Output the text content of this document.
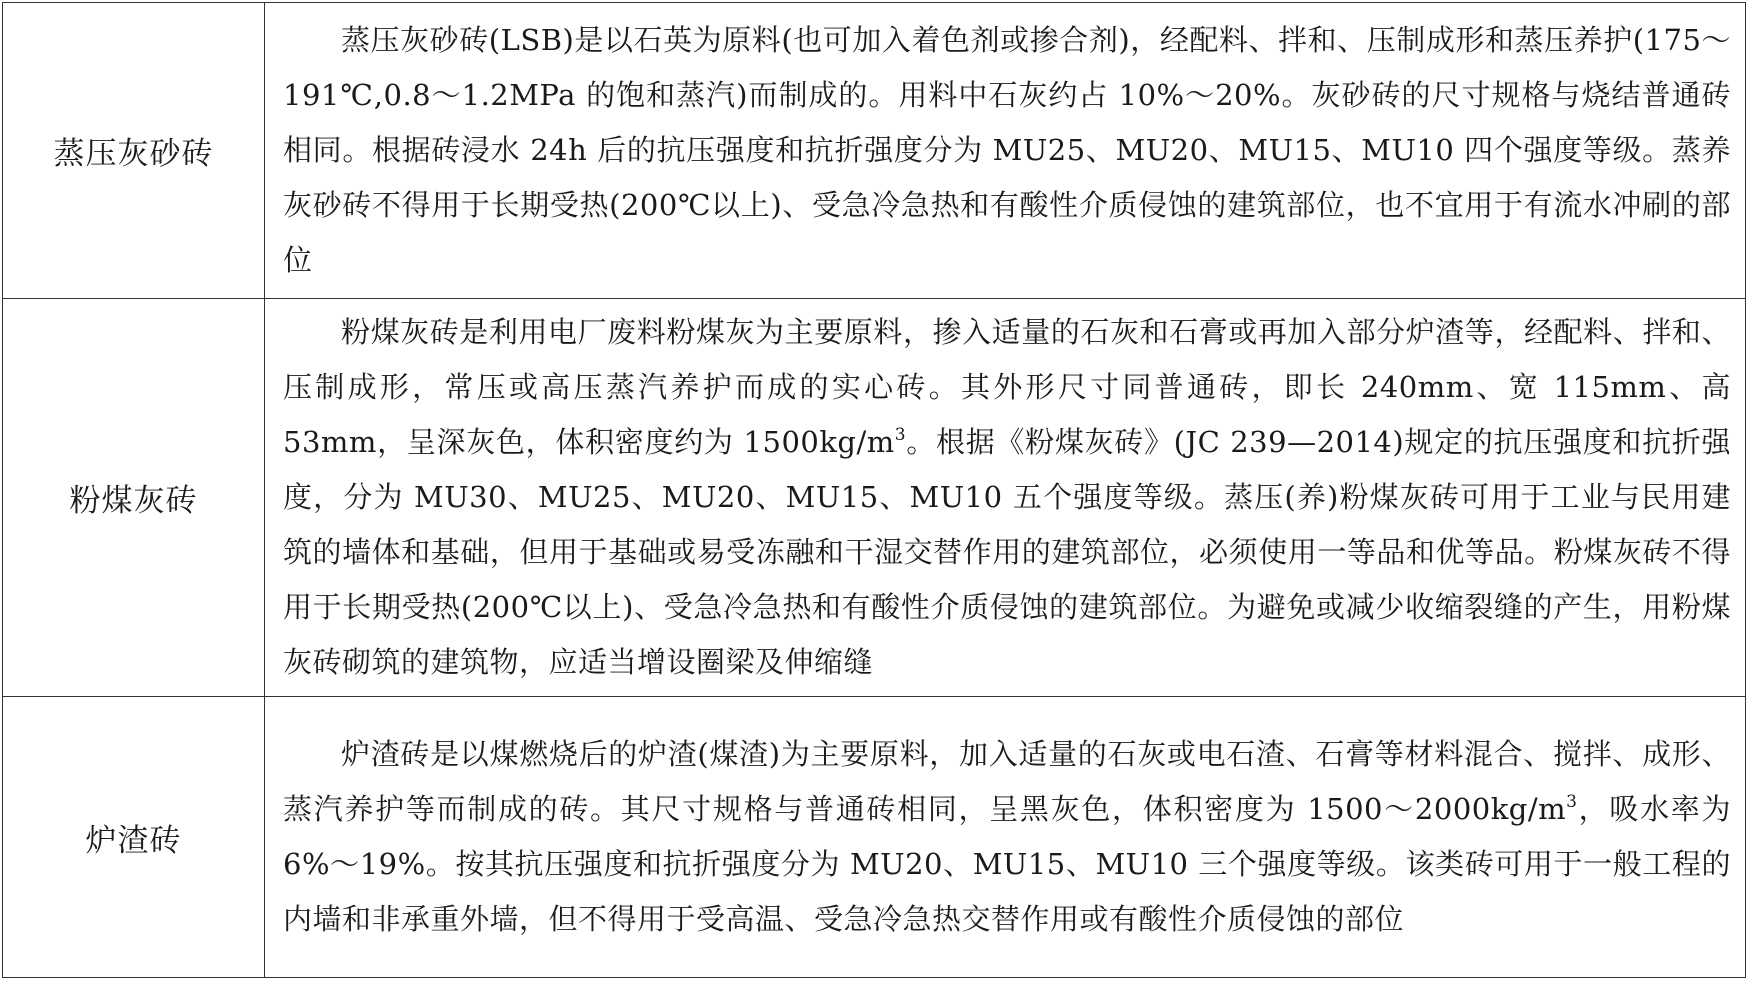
蒸压灰砂砖	蒸压灰砂砖(LSB)是以石英为原料(也可加入着色剂或掺合剂)，经配料、拌和、压制成形和蒸压养护(175～191℃,0.8～1.2MPa 的饱和蒸汽)而制成的。用料中石灰约占 10%～20%。灰砂砖的尺寸规格与烧结普通砖相同。根据砖浸水 24h 后的抗压强度和抗折强度分为 MU25、MU20、MU15、MU10 四个强度等级。蒸养灰砂砖不得用于长期受热(200℃以上)、受急冷急热和有酸性介质侵蚀的建筑部位，也不宜用于有流水冲刷的部位
粉煤灰砖	粉煤灰砖是利用电厂废料粉煤灰为主要原料，掺入适量的石灰和石膏或再加入部分炉渣等，经配料、拌和、压制成形，常压或高压蒸汽养护而成的实心砖。其外形尺寸同普通砖，即长 240mm、宽 115mm、高 53mm，呈深灰色，体积密度约为 $1500kg/m^3$。根据《粉煤灰砖》(JC 239—2014)规定的抗压强度和抗折强度，分为 MU30、MU25、MU20、MU15、MU10 五个强度等级。蒸压(养)粉煤灰砖可用于工业与民用建筑的墙体和基础，但用于基础或易受冻融和干湿交替作用的建筑部位，必须使用一等品和优等品。粉煤灰砖不得用于长期受热(200℃以上)、受急冷急热和有酸性介质侵蚀的建筑部位。为避免或减少收缩裂缝的产生，用粉煤灰砖砌筑的建筑物，应适当增设圈梁及伸缩缝
炉渣砖	炉渣砖是以煤燃烧后的炉渣(煤渣)为主要原料，加入适量的石灰或电石渣、石膏等材料混合、搅拌、成形、蒸汽养护等而制成的砖。其尺寸规格与普通砖相同，呈黑灰色，体积密度为 $1500\sim 2000kg/m^3$，吸水率为 6%～19%。按其抗压强度和抗折强度分为 MU20、MU15、MU10 三个强度等级。该类砖可用于一般工程的内墙和非承重外墙，但不得用于受高温、受急冷急热交替作用或有酸性介质侵蚀的部位
